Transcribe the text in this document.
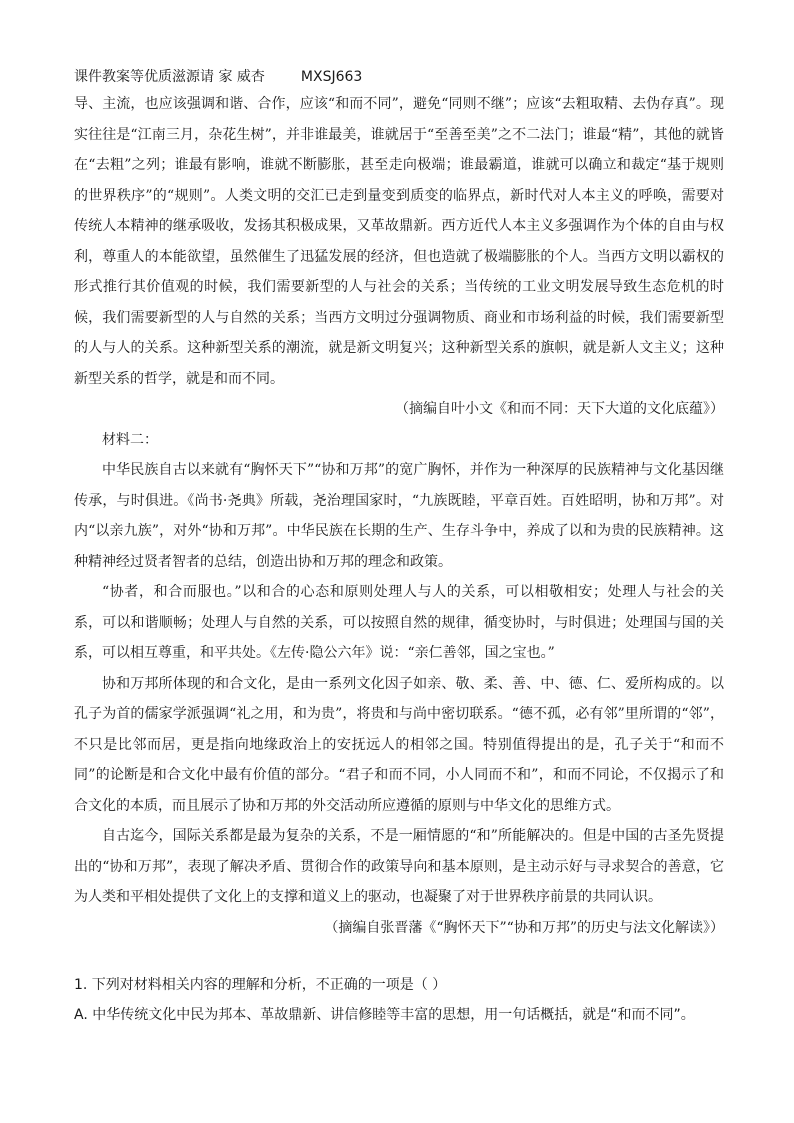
课件教案等优质滋源请 家 威杏	MXSJ663

导、主流，也应该强调和谐、合作，应该“和而不同”，避免“同则不继”；应该“去粗取精、去伪存真”。现实往往是“江南三月，杂花生树”，并非谁最美，谁就居于“至善至美”之不二法门；谁最“精”，其他的就皆在“去粗”之列；谁最有影响，谁就不断膨胀，甚至走向极端；谁最霸道，谁就可以确立和裁定“基于规则的世界秩序”的“规则”。人类文明的交汇已走到量变到质变的临界点，新时代对人本主义的呼唤，需要对传统人本精神的继承吸收，发扬其积极成果，又革故鼎新。西方近代人本主义多强调作为个体的自由与权利，尊重人的本能欲望，虽然催生了迅猛发展的经济，但也造就了极端膨胀的个人。当西方文明以霸权的形式推行其价值观的时候，我们需要新型的人与社会的关系；当传统的工业文明发展导致生态危机的时候，我们需要新型的人与自然的关系；当西方文明过分强调物质、商业和市场利益的时候，我们需要新型的人与人的关系。这种新型关系的潮流，就是新文明复兴；这种新型关系的旗帜，就是新人文主义；这种新型关系的哲学，就是和而不同。

（摘编自叶小文《和而不同：天下大道的文化底蕴》）

材料二：

中华民族自古以来就有“胸怀天下”“协和万邦”的宽广胸怀，并作为一种深厚的民族精神与文化基因继传承，与时俱进。《尚书·尧典》所载，尧治理国家时，“九族既睦，平章百姓。百姓昭明，协和万邦”。对内“以亲九族”，对外“协和万邦”。中华民族在长期的生产、生存斗争中，养成了以和为贵的民族精神。这种精神经过贤者智者的总结，创造出协和万邦的理念和政策。

“协者，和合而服也。”以和合的心态和原则处理人与人的关系，可以相敬相安；处理人与社会的关系，可以和谐顺畅；处理人与自然的关系，可以按照自然的规律，循变协时，与时俱进；处理国与国的关系，可以相互尊重，和平共处。《左传·隐公六年》说：“亲仁善邻，国之宝也。”

协和万邦所体现的和合文化，是由一系列文化因子如亲、敬、柔、善、中、德、仁、爱所构成的。以孔子为首的儒家学派强调“礼之用，和为贵”，将贵和与尚中密切联系。“德不孤，必有邻”里所谓的“邻”，不只是比邻而居，更是指向地缘政治上的安抚远人的相邻之国。特别值得提出的是，孔子关于“和而不同”的论断是和合文化中最有价值的部分。“君子和而不同，小人同而不和”，和而不同论，不仅揭示了和合文化的本质，而且展示了协和万邦的外交活动所应遵循的原则与中华文化的思维方式。

自古迄今，国际关系都是最为复杂的关系，不是一厢情愿的“和”所能解决的。但是中国的古圣先贤提出的“协和万邦”，表现了解决矛盾、贯彻合作的政策导向和基本原则，是主动示好与寻求契合的善意，它为人类和平相处提供了文化上的支撑和道义上的驱动，也凝聚了对于世界秩序前景的共同认识。

（摘编自张晋藩《“胸怀天下”“协和万邦”的历史与法文化解读》）

1. 下列对材料相关内容的理解和分析，不正确的一项是（ ）

A. 中华传统文化中民为邦本、革故鼎新、讲信修睦等丰富的思想，用一句话概括，就是“和而不同”。
